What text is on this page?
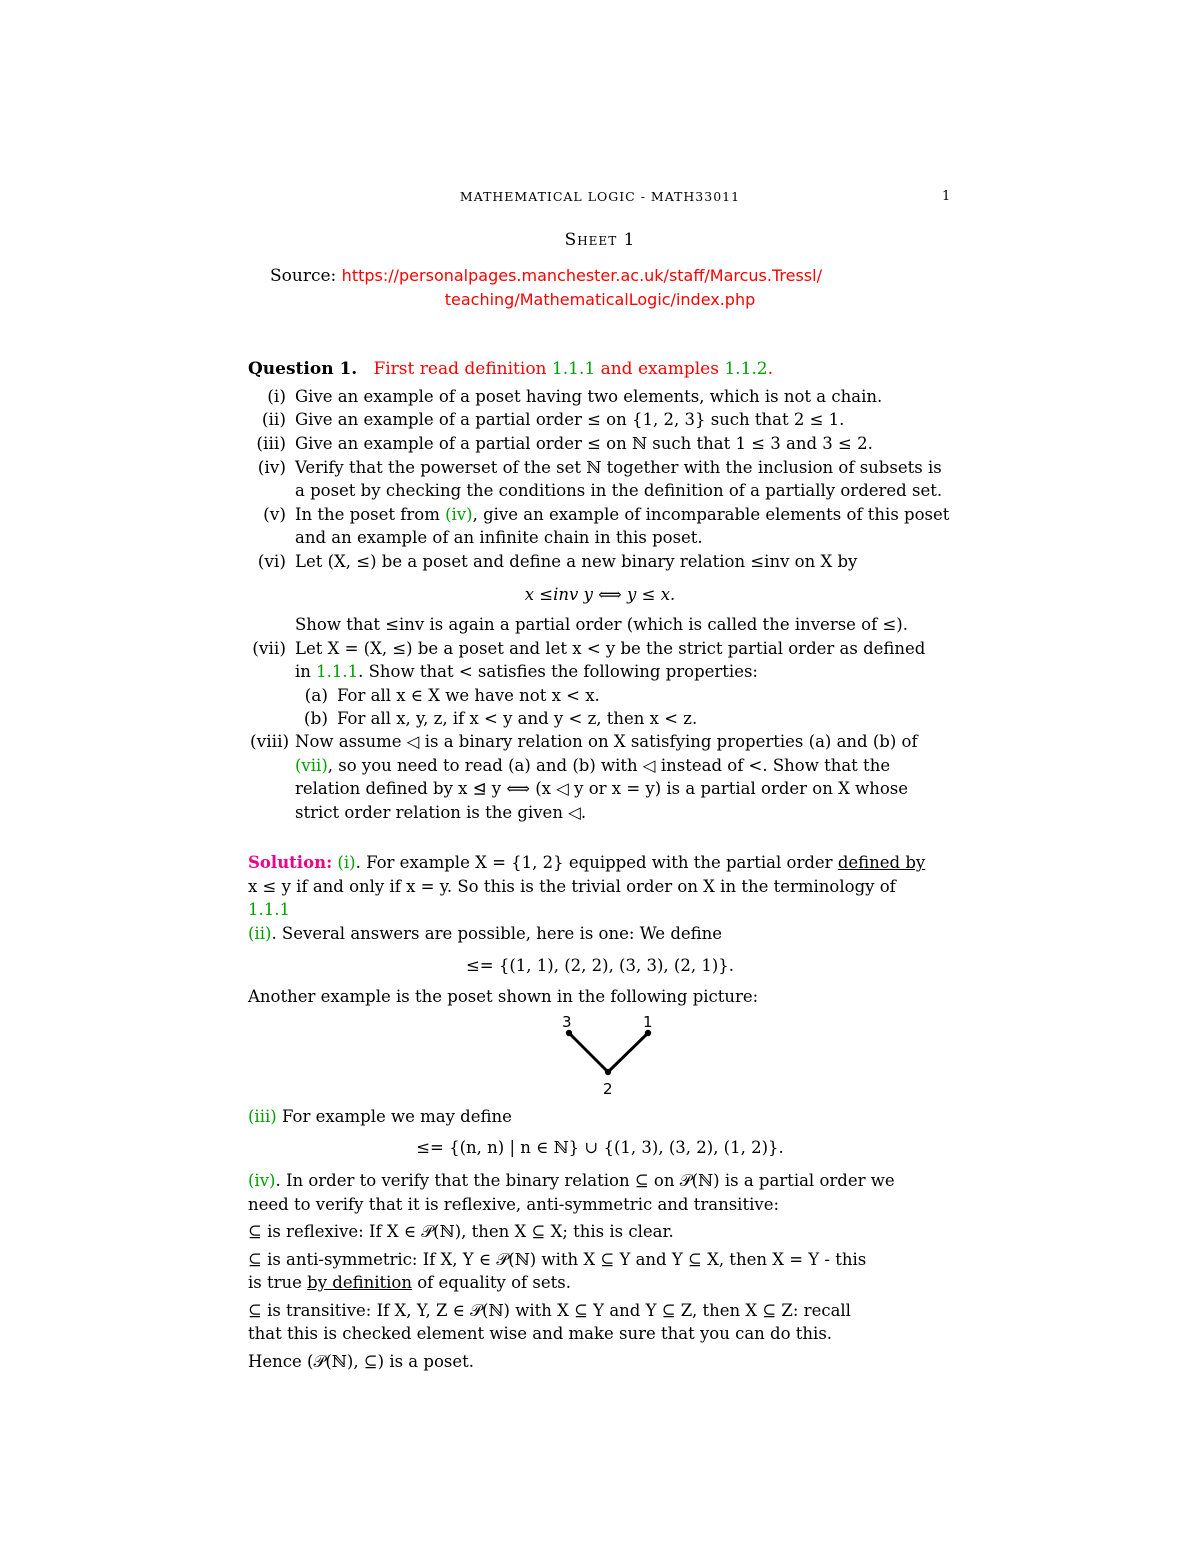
MATHEMATICAL LOGIC - MATH33011	1
Sheet 1
Source: https://personalpages.manchester.ac.uk/staff/Marcus.Tressl/
teaching/MathematicalLogic/index.php
Question 1. First read definition 1.1.1 and examples 1.1.2.
(i) Give an example of a poset having two elements, which is not a chain.
(ii) Give an example of a partial order ≤ on {1, 2, 3} such that 2 ≤ 1.
(iii) Give an example of a partial order ≤ on ℕ such that 1 ≤ 3 and 3 ≤ 2.
(iv) Verify that the powerset of the set ℕ together with the inclusion of subsets is
a poset by checking the conditions in the definition of a partially ordered set.
(v) In the poset from (iv), give an example of incomparable elements of this poset
and an example of an infinite chain in this poset.
(vi) Let (X, ≤) be a poset and define a new binary relation ≤inv on X by
x ≤inv y ⟺ y ≤ x.
Show that ≤inv is again a partial order (which is called the inverse of ≤).
(vii) Let X = (X, ≤) be a poset and let x < y be the strict partial order as defined
in 1.1.1. Show that < satisfies the following properties:
(a) For all x ∈ X we have not x < x.
(b) For all x, y, z, if x < y and y < z, then x < z.
(viii) Now assume ◁ is a binary relation on X satisfying properties (a) and (b) of
(vii), so you need to read (a) and (b) with ◁ instead of <. Show that the
relation defined by x ⊴ y ⟺ (x ◁ y or x = y) is a partial order on X whose
strict order relation is the given ◁.
Solution: (i). For example X = {1, 2} equipped with the partial order defined by
x ≤ y if and only if x = y. So this is the trivial order on X in the terminology of
1.1.1
(ii). Several answers are possible, here is one: We define
≤= {(1, 1), (2, 2), (3, 3), (2, 1)}.
Another example is the poset shown in the following picture:
3	1
2
(iii) For example we may define
≤= {(n, n) | n ∈ ℕ} ∪ {(1, 3), (3, 2), (1, 2)}.
(iv). In order to verify that the binary relation ⊆ on 𝒫(ℕ) is a partial order we
need to verify that it is reflexive, anti-symmetric and transitive:
⊆ is reflexive: If X ∈ 𝒫(ℕ), then X ⊆ X; this is clear.
⊆ is anti-symmetric: If X, Y ∈ 𝒫(ℕ) with X ⊆ Y and Y ⊆ X, then X = Y - this
is true by definition of equality of sets.
⊆ is transitive: If X, Y, Z ∈ 𝒫(ℕ) with X ⊆ Y and Y ⊆ Z, then X ⊆ Z: recall
that this is checked element wise and make sure that you can do this.
Hence (𝒫(ℕ), ⊆) is a poset.
